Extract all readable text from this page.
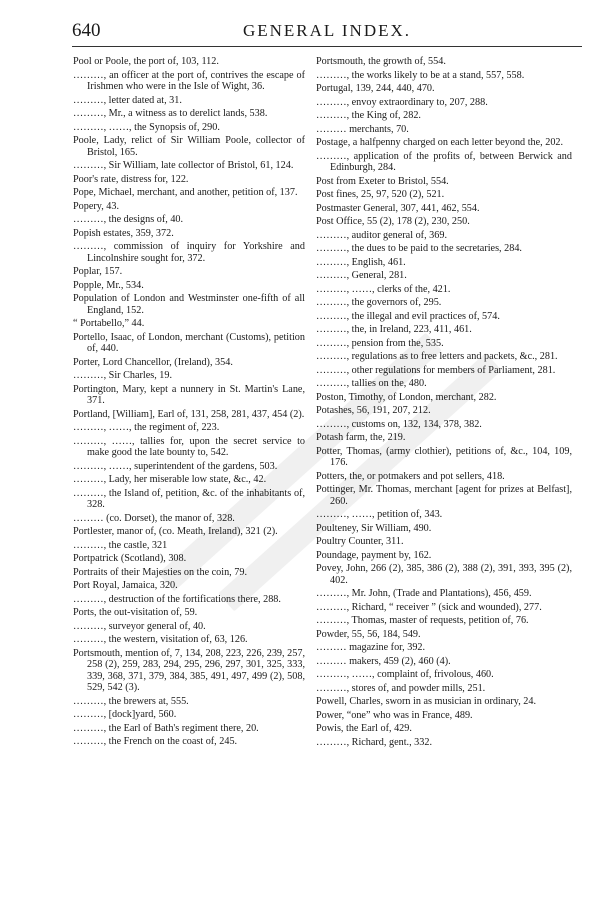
640	GENERAL INDEX.

Pool or Poole, the port of, 103, 112.

………, an officer at the port of, contrives the escape of Irishmen who were in the Isle of Wight, 36.

………, letter dated at, 31.

………, Mr., a witness as to derelict lands, 538.

………, ……, the Synopsis of, 290.

Poole, Lady, relict of Sir William Poole, collector of Bristol, 165.

………, Sir William, late collector of Bristol, 61, 124.

Poor's rate, distress for, 122.

Pope, Michael, merchant, and another, petition of, 137.

Popery, 43.

………, the designs of, 40.

Popish estates, 359, 372.

………, commission of inquiry for Yorkshire and Lincolnshire sought for, 372.

Poplar, 157.

Popple, Mr., 534.

Population of London and Westminster one-fifth of all England, 152.

“ Portabello,” 44.

Portello, Isaac, of London, merchant (Customs), petition of, 440.

Porter, Lord Chancellor, (Ireland), 354.

………, Sir Charles, 19.

Portington, Mary, kept a nunnery in St. Martin's Lane, 371.

Portland, [William], Earl of, 131, 258, 281, 437, 454 (2).

………, ……, the regiment of, 223.

………, ……, tallies for, upon the secret service to make good the late bounty to, 542.

………, ……, superintendent of the gardens, 503.

………, Lady, her miserable low state, &c., 42.

………, the Island of, petition, &c. of the inhabitants of, 328.

……… (co. Dorset), the manor of, 328.

Portlester, manor of, (co. Meath, Ireland), 321 (2).

………, the castle, 321

Portpatrick (Scotland), 308.

Portraits of their Majesties on the coin, 79.

Port Royal, Jamaica, 320.

………, destruction of the fortifications there, 288.

Ports, the out-visitation of, 59.

………, surveyor general of, 40.

………, the western, visitation of, 63, 126.

Portsmouth, mention of, 7, 134, 208, 223, 226, 239, 257, 258 (2), 259, 283, 294, 295, 296, 297, 301, 325, 333, 339, 368, 371, 379, 384, 385, 491, 497, 499 (2), 508, 529, 542 (3).

………, the brewers at, 555.

………, [dock]yard, 560.

………, the Earl of Bath's regiment there, 20.

………, the French on the coast of, 245.

Portsmouth, the growth of, 554.

………, the works likely to be at a stand, 557, 558.

Portugal, 139, 244, 440, 470.

………, envoy extraordinary to, 207, 288.

………, the King of, 282.

……… merchants, 70.

Postage, a halfpenny charged on each letter beyond the, 202.

………, application of the profits of, between Berwick and Edinburgh, 284.

Post from Exeter to Bristol, 554.

Post fines, 25, 97, 520 (2), 521.

Postmaster General, 307, 441, 462, 554.

Post Office, 55 (2), 178 (2), 230, 250.

………, auditor general of, 369.

………, the dues to be paid to the secretaries, 284.

………, English, 461.

………, General, 281.

………, ……, clerks of the, 421.

………, the governors of, 295.

………, the illegal and evil practices of, 574.

………, the, in Ireland, 223, 411, 461.

………, pension from the, 535.

………, regulations as to free letters and packets, &c., 281.

………, other regulations for members of Parliament, 281.

………, tallies on the, 480.

Poston, Timothy, of London, merchant, 282.

Potashes, 56, 191, 207, 212.

………, customs on, 132, 134, 378, 382.

Potash farm, the, 219.

Potter, Thomas, (army clothier), petitions of, &c., 104, 109, 176.

Potters, the, or potmakers and pot sellers, 418.

Pottinger, Mr. Thomas, merchant [agent for prizes at Belfast], 260.

………, ……, petition of, 343.

Poulteney, Sir William, 490.

Poultry Counter, 311.

Poundage, payment by, 162.

Povey, John, 266 (2), 385, 386 (2), 388 (2), 391, 393, 395 (2), 402.

………, Mr. John, (Trade and Plantations), 456, 459.

………, Richard, “ receiver ” (sick and wounded), 277.

………, Thomas, master of requests, petition of, 76.

Powder, 55, 56, 184, 549.

……… magazine for, 392.

……… makers, 459 (2), 460 (4).

………, ……, complaint of, frivolous, 460.

………, stores of, and powder mills, 251.

Powell, Charles, sworn in as musician in ordinary, 24.

Power, “one” who was in France, 489.

Powis, the Earl of, 429.

………, Richard, gent., 332.
